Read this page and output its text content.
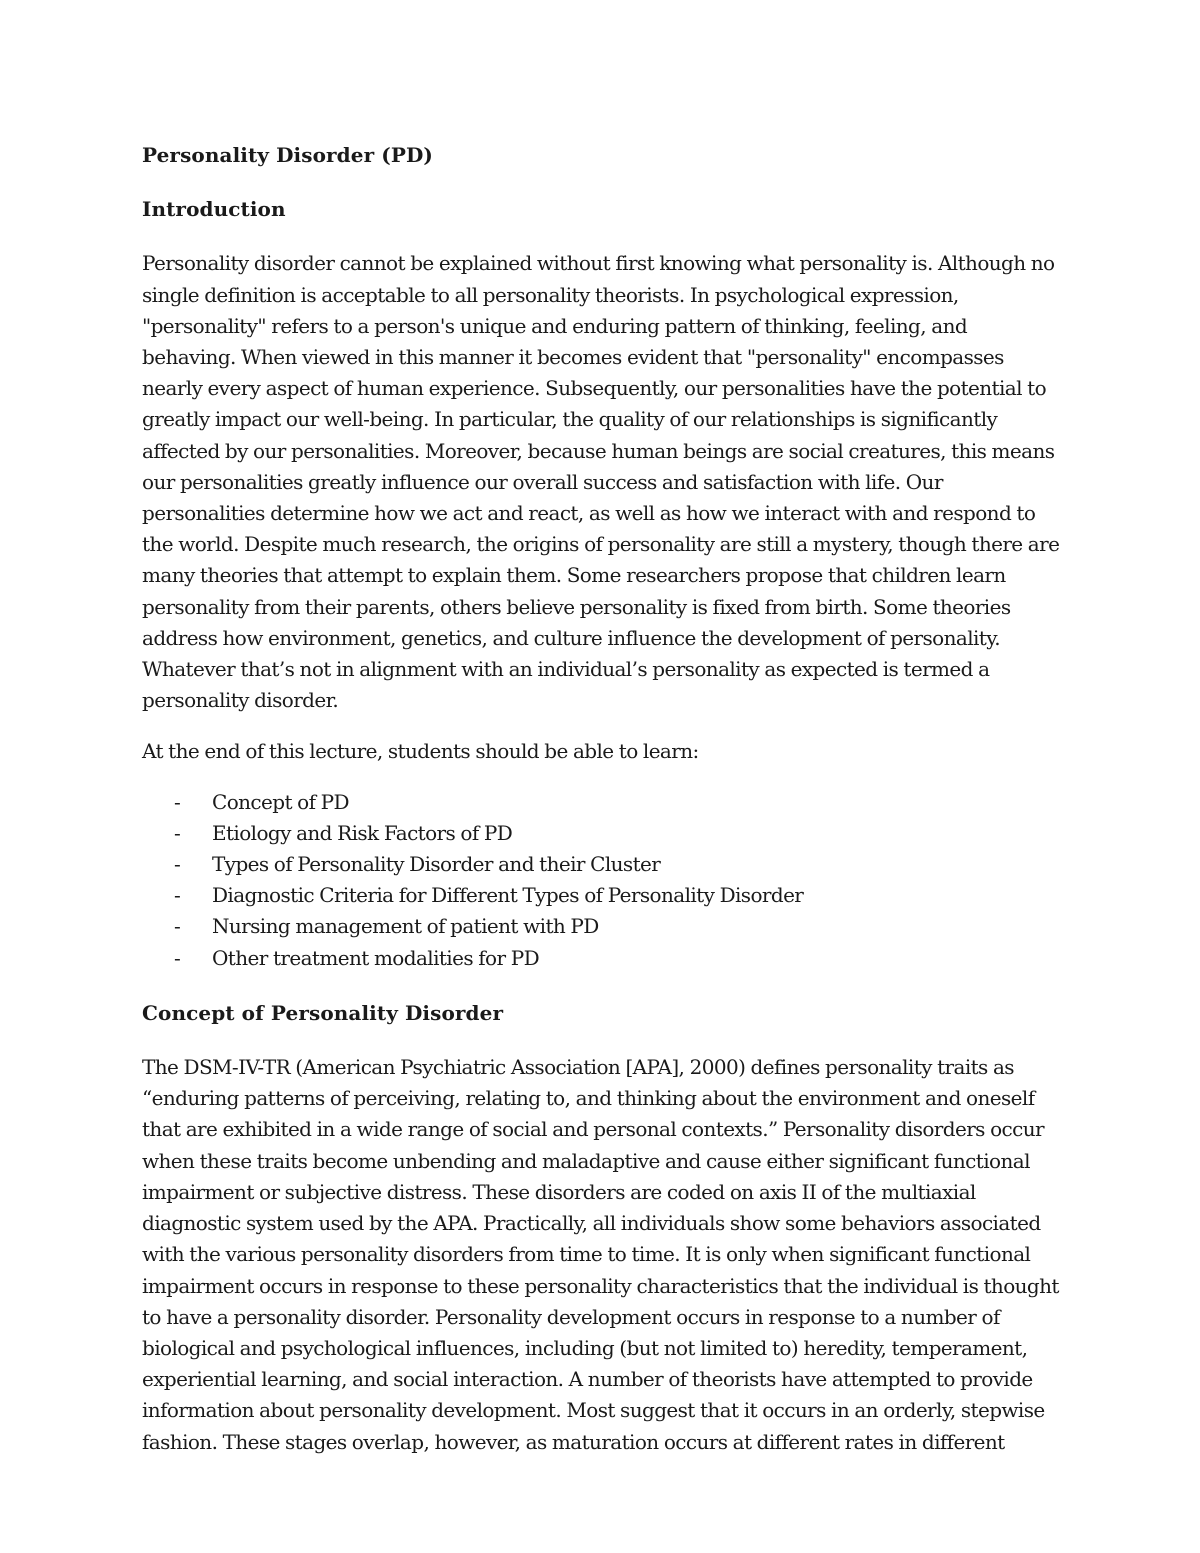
Personality Disorder (PD)

Introduction

Personality disorder cannot be explained without first knowing what personality is. Although no single definition is acceptable to all personality theorists. In psychological expression, "personality" refers to a person's unique and enduring pattern of thinking, feeling, and behaving. When viewed in this manner it becomes evident that "personality" encompasses nearly every aspect of human experience. Subsequently, our personalities have the potential to greatly impact our well-being. In particular, the quality of our relationships is significantly affected by our personalities. Moreover, because human beings are social creatures, this means our personalities greatly influence our overall success and satisfaction with life. Our personalities determine how we act and react, as well as how we interact with and respond to the world. Despite much research, the origins of personality are still a mystery, though there are many theories that attempt to explain them. Some researchers propose that children learn personality from their parents, others believe personality is fixed from birth. Some theories address how environment, genetics, and culture influence the development of personality. Whatever that’s not in alignment with an individual’s personality as expected is termed a personality disorder.

At the end of this lecture, students should be able to learn:

- Concept of PD
- Etiology and Risk Factors of PD
- Types of Personality Disorder and their Cluster
- Diagnostic Criteria for Different Types of Personality Disorder
- Nursing management of patient with PD
- Other treatment modalities for PD

Concept of Personality Disorder

The DSM-IV-TR (American Psychiatric Association [APA], 2000) defines personality traits as “enduring patterns of perceiving, relating to, and thinking about the environment and oneself that are exhibited in a wide range of social and personal contexts.” Personality disorders occur when these traits become unbending and maladaptive and cause either significant functional impairment or subjective distress. These disorders are coded on axis II of the multiaxial diagnostic system used by the APA. Practically, all individuals show some behaviors associated with the various personality disorders from time to time. It is only when significant functional impairment occurs in response to these personality characteristics that the individual is thought to have a personality disorder. Personality development occurs in response to a number of biological and psychological influences, including (but not limited to) heredity, temperament, experiential learning, and social interaction. A number of theorists have attempted to provide information about personality development. Most suggest that it occurs in an orderly, stepwise fashion. These stages overlap, however, as maturation occurs at different rates in different
